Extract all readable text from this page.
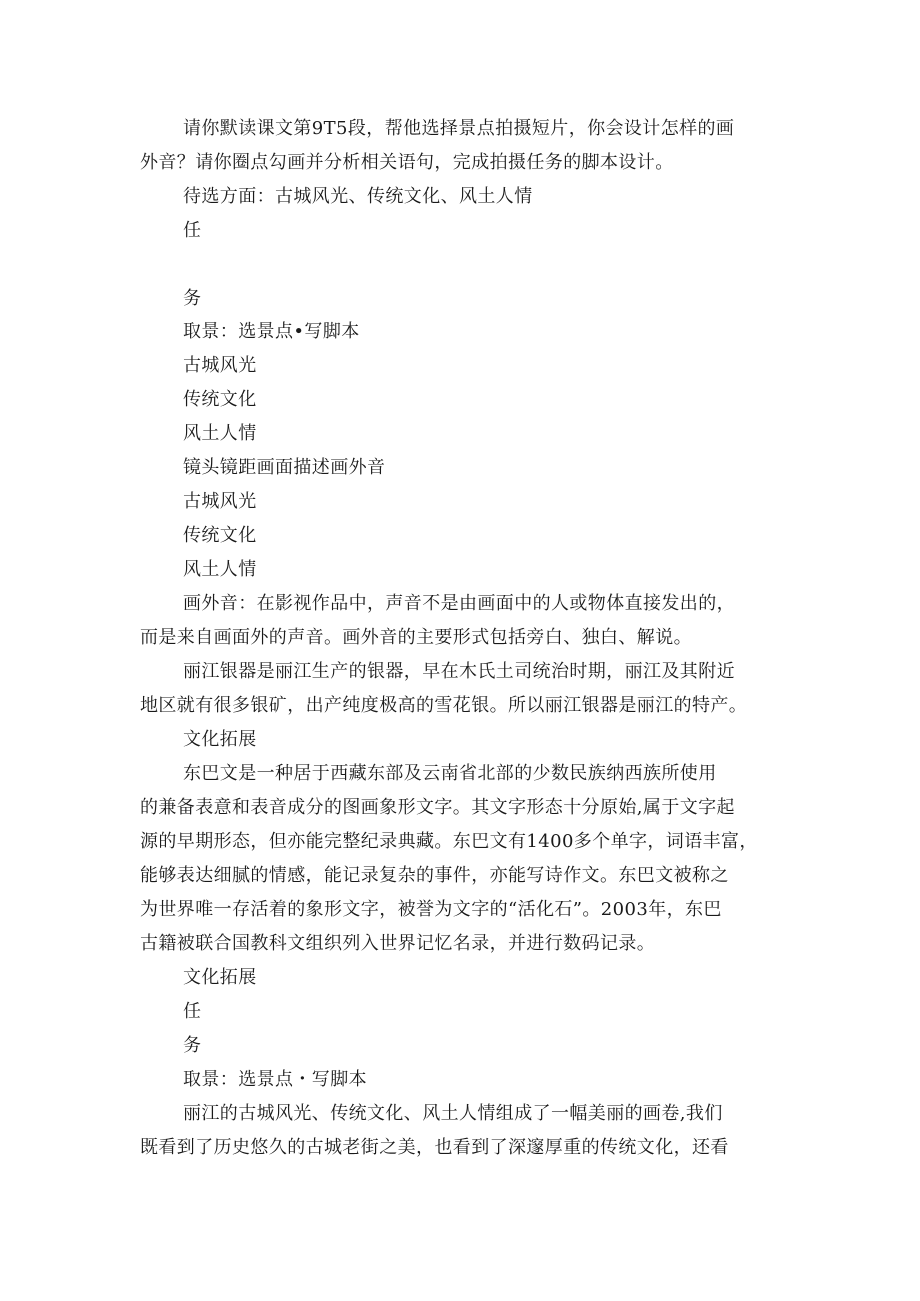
请你默读课文第9T5段，帮他选择景点拍摄短片，你会设计怎样的画
外音？请你圈点勾画并分析相关语句，完成拍摄任务的脚本设计。
待选方面：古城风光、传统文化、风土人情
任
务
取景：选景点•写脚本
古城风光
传统文化
风土人情
镜头镜距画面描述画外音
古城风光
传统文化
风土人情
画外音：在影视作品中，声音不是由画面中的人或物体直接发出的，
而是来自画面外的声音。画外音的主要形式包括旁白、独白、解说。
丽江银器是丽江生产的银器，早在木氏土司统治时期，丽江及其附近
地区就有很多银矿，出产纯度极高的雪花银。所以丽江银器是丽江的特产。
文化拓展
东巴文是一种居于西藏东部及云南省北部的少数民族纳西族所使用
的兼备表意和表音成分的图画象形文字。其文字形态十分原始,属于文字起
源的早期形态，但亦能完整纪录典藏。东巴文有1400多个单字，词语丰富，
能够表达细腻的情感，能记录复杂的事件，亦能写诗作文。东巴文被称之
为世界唯一存活着的象形文字，被誉为文字的“活化石”。2003年，东巴
古籍被联合国教科文组织列入世界记忆名录，并进行数码记录。
文化拓展
任
务
取景：选景点・写脚本
丽江的古城风光、传统文化、风土人情组成了一幅美丽的画卷,我们
既看到了历史悠久的古城老街之美，也看到了深邃厚重的传统文化，还看
